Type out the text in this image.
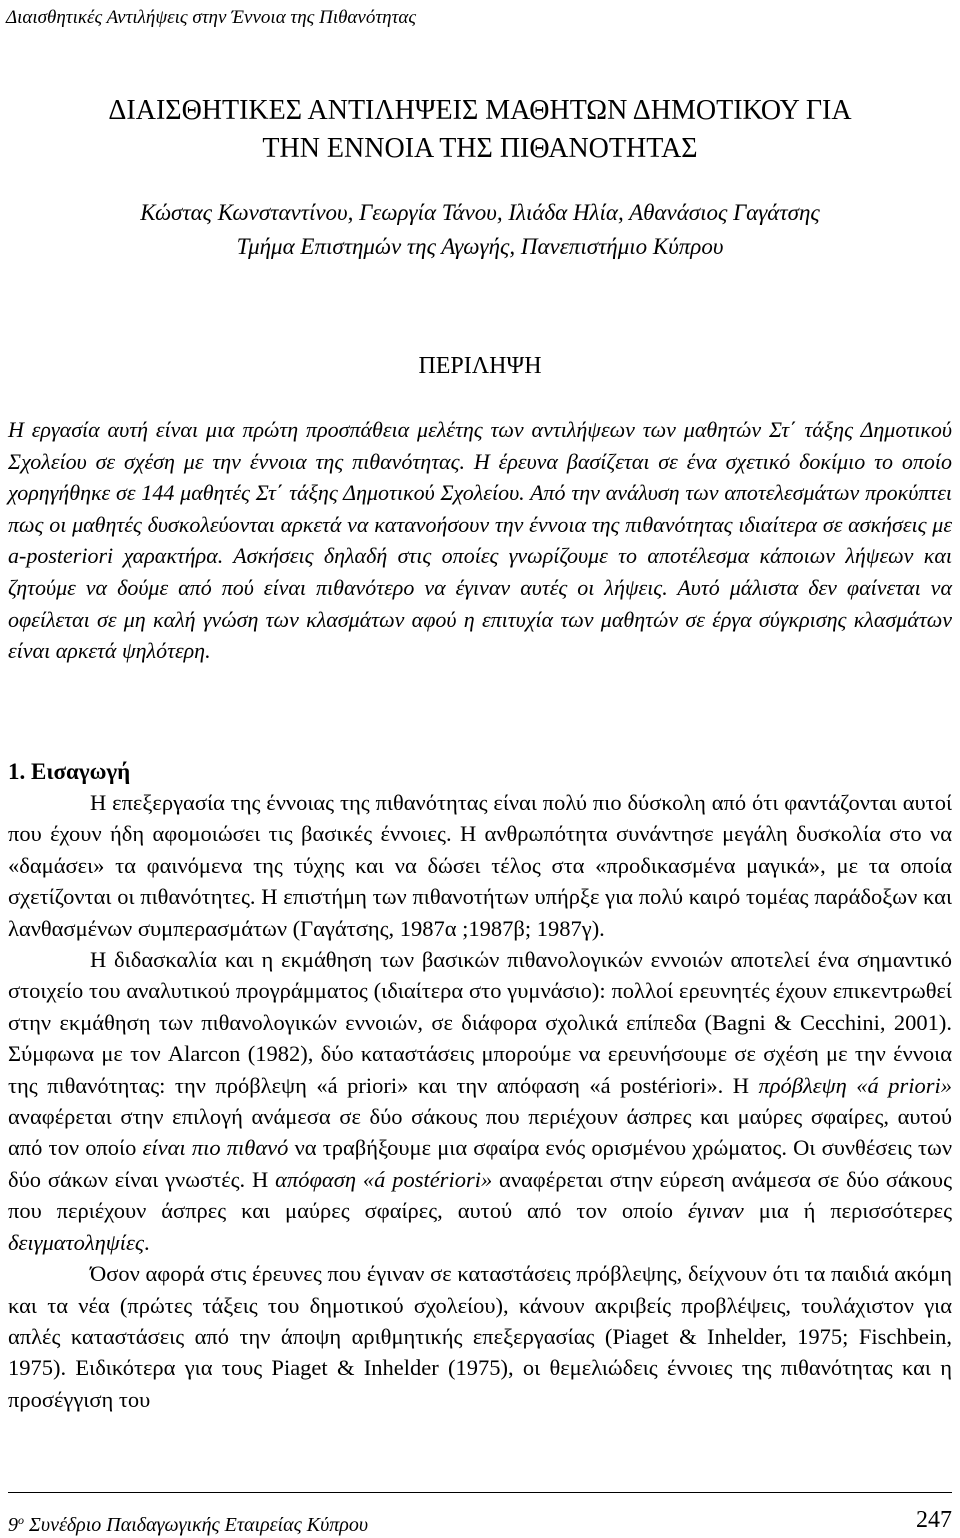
Διαισθητικές Αντιλήψεις στην Έννοια της Πιθανότητας
ΔΙΑΙΣΘΗΤΙΚΕΣ ΑΝΤΙΛΗΨΕΙΣ ΜΑΘΗΤΩΝ ΔΗΜΟΤΙΚΟΥ ΓΙΑ
ΤΗΝ ΕΝΝΟΙΑ ΤΗΣ ΠΙΘΑΝΟΤΗΤΑΣ
Κώστας Κωνσταντίνου, Γεωργία Τάνου, Ιλιάδα Ηλία, Αθανάσιος Γαγάτσης
Τμήμα Επιστημών της Αγωγής, Πανεπιστήμιο Κύπρου
ΠΕΡΙΛΗΨΗ

Η εργασία αυτή είναι μια πρώτη προσπάθεια μελέτης των αντιλήψεων των μαθητών Στ΄ τάξης Δημοτικού Σχολείου σε σχέση με την έννοια της πιθανότητας. Η έρευνα βασίζεται σε ένα σχετικό δοκίμιο το οποίο χορηγήθηκε σε 144 μαθητές Στ΄ τάξης Δημοτικού Σχολείου. Από την ανάλυση των αποτελεσμάτων προκύπτει πως οι μαθητές δυσκολεύονται αρκετά να κατανοήσουν την έννοια της πιθανότητας ιδιαίτερα σε ασκήσεις με a-posteriori χαρακτήρα. Ασκήσεις δηλαδή στις οποίες γνωρίζουμε το αποτέλεσμα κάποιων λήψεων και ζητούμε να δούμε από πού είναι πιθανότερο να έγιναν αυτές οι λήψεις. Αυτό μάλιστα δεν φαίνεται να οφείλεται σε μη καλή γνώση των κλασμάτων αφού η επιτυχία των μαθητών σε έργα σύγκρισης κλασμάτων είναι αρκετά ψηλότερη.

1. Εισαγωγή

Η επεξεργασία της έννοιας της πιθανότητας είναι πολύ πιο δύσκολη από ότι φαντάζονται αυτοί που έχουν ήδη αφομοιώσει τις βασικές έννοιες. Η ανθρωπότητα συνάντησε μεγάλη δυσκολία στο να «δαμάσει» τα φαινόμενα της τύχης και να δώσει τέλος στα «προδικασμένα μαγικά», με τα οποία σχετίζονται οι πιθανότητες. Η επιστήμη των πιθανοτήτων υπήρξε για πολύ καιρό τομέας παράδοξων και λανθασμένων συμπερασμάτων (Γαγάτσης, 1987α ;1987β; 1987γ).

Η διδασκαλία και η εκμάθηση των βασικών πιθανολογικών εννοιών αποτελεί ένα σημαντικό στοιχείο του αναλυτικού προγράμματος (ιδιαίτερα στο γυμνάσιο): πολλοί ερευνητές έχουν επικεντρωθεί στην εκμάθηση των πιθανολογικών εννοιών, σε διάφορα σχολικά επίπεδα (Bagni & Cecchini, 2001). Σύμφωνα με τον Alarcon (1982), δύο καταστάσεις μπορούμε να ερευνήσουμε σε σχέση με την έννοια της πιθανότητας: την πρόβλεψη «á priori» και την απόφαση «á postériori». Η πρόβλεψη «á priori» αναφέρεται στην επιλογή ανάμεσα σε δύο σάκους που περιέχουν άσπρες και μαύρες σφαίρες, αυτού από τον οποίο είναι πιο πιθανό να τραβήξουμε μια σφαίρα ενός ορισμένου χρώματος. Οι συνθέσεις των δύο σάκων είναι γνωστές. Η απόφαση «á postériori» αναφέρεται στην εύρεση ανάμεσα σε δύο σάκους που περιέχουν άσπρες και μαύρες σφαίρες, αυτού από τον οποίο έγιναν μια ή περισσότερες δειγματοληψίες.

Όσον αφορά στις έρευνες που έγιναν σε καταστάσεις πρόβλεψης, δείχνουν ότι τα παιδιά ακόμη και τα νέα (πρώτες τάξεις του δημοτικού σχολείου), κάνουν ακριβείς προβλέψεις, τουλάχιστον για απλές καταστάσεις από την άποψη αριθμητικής επεξεργασίας (Piaget & Inhelder, 1975; Fischbein, 1975). Ειδικότερα για τους Piaget & Inhelder (1975), οι θεμελιώδεις έννοιες της πιθανότητας και η προσέγγιση του

$9^o$ Συνέδριο Παιδαγωγικής Εταιρείας Κύπρου	247
